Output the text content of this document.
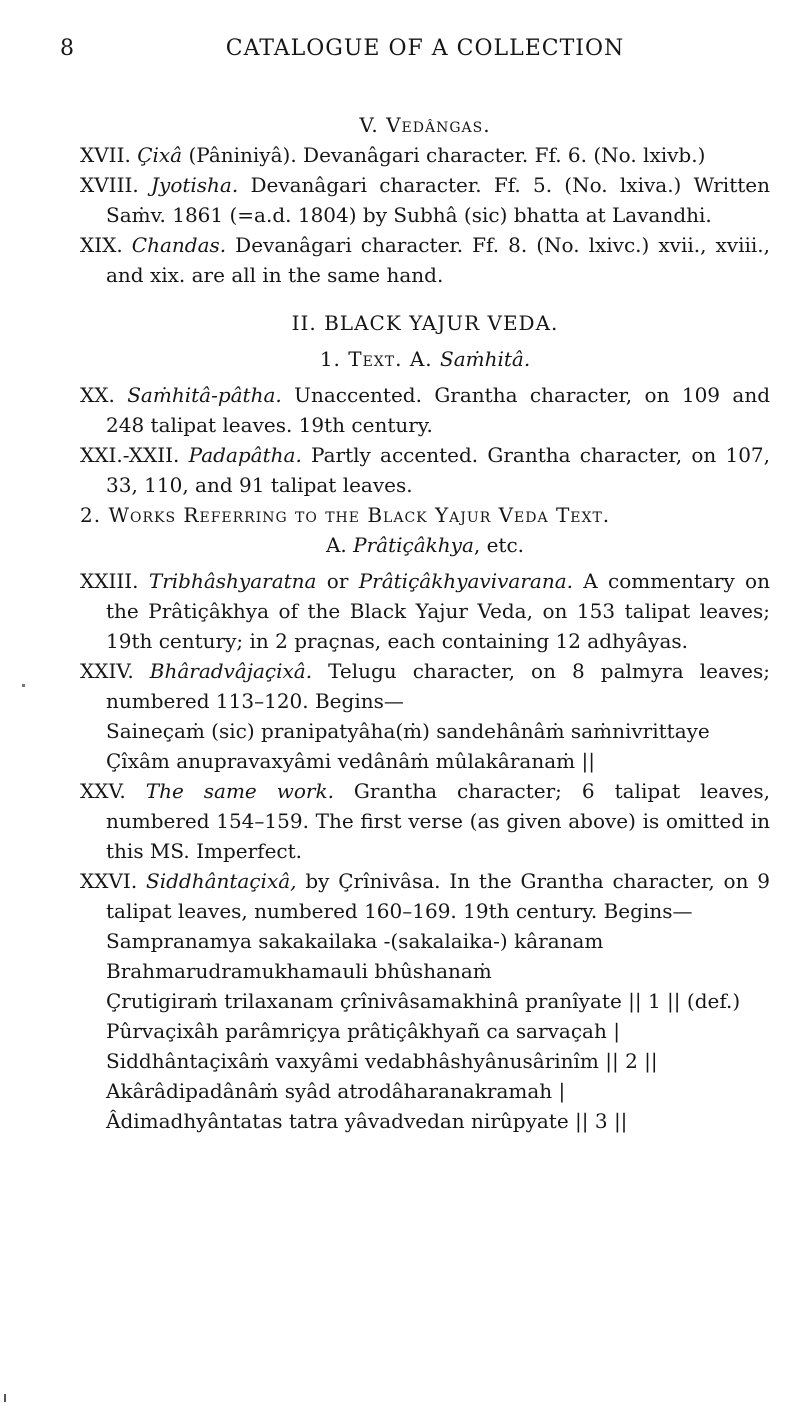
8	CATALOGUE OF A COLLECTION
V. Vedângas.

XVII. Çixâ (Pâniniyâ). Devanâgari character. Ff. 6. (No. lxivb.)

XVIII. Jyotisha. Devanâgari character. Ff. 5. (No. lxiva.) Written Saṁv. 1861 (=a.d. 1804) by Subhâ (sic) bhatta at Lavandhi.

XIX. Chandas. Devanâgari character. Ff. 8. (No. lxivc.) xvii., xviii., and xix. are all in the same hand.

II. BLACK YAJUR VEDA.
1. Text. A. Saṁhitâ.

XX. Saṁhitâ-pâtha. Unaccented. Grantha character, on 109 and 248 talipat leaves. 19th century.

XXI.-XXII. Padapâtha. Partly accented. Grantha character, on 107, 33, 110, and 91 talipat leaves.

2. Works Referring to the Black Yajur Veda Text.
A. Prâtiçâkhya, etc.

XXIII. Tribhâshyaratna or Prâtiçâkhyavivarana. A commentary on the Prâtiçâkhya of the Black Yajur Veda, on 153 talipat leaves; 19th century; in 2 praçnas, each containing 12 adhyâyas.

XXIV. Bhâradvâjaçixâ. Telugu character, on 8 palmyra leaves; numbered 113–120. Begins—

Saineçaṁ (sic) pranipatyâha(ṁ) sandehânâṁ saṁnivrittaye
Çîxâm anupravaxyâmi vedânâṁ mûlakâranaṁ ||

XXV. The same work. Grantha character; 6 talipat leaves, numbered 154–159. The first verse (as given above) is omitted in this MS. Imperfect.

XXVI. Siddhântaçixâ, by Çrînivâsa. In the Grantha character, on 9 talipat leaves, numbered 160–169. 19th century. Begins—

Sampranamya sakakailaka -(sakalaika-) kâranam
Brahmarudramukhamauli bhûshanaṁ
Çrutigiraṁ trilaxanam çrînivâsamakhinâ pranîyate || 1 || (def.)
Pûrvaçixâh parâmriçya prâtiçâkhyañ ca sarvaçah |
Siddhântaçixâṁ vaxyâmi vedabhâshyânusârinîm || 2 ||
Akârâdipadânâṁ syâd atrodâharanakramah |
Âdimadhyântatas tatra yâvadvedan nirûpyate || 3 ||
